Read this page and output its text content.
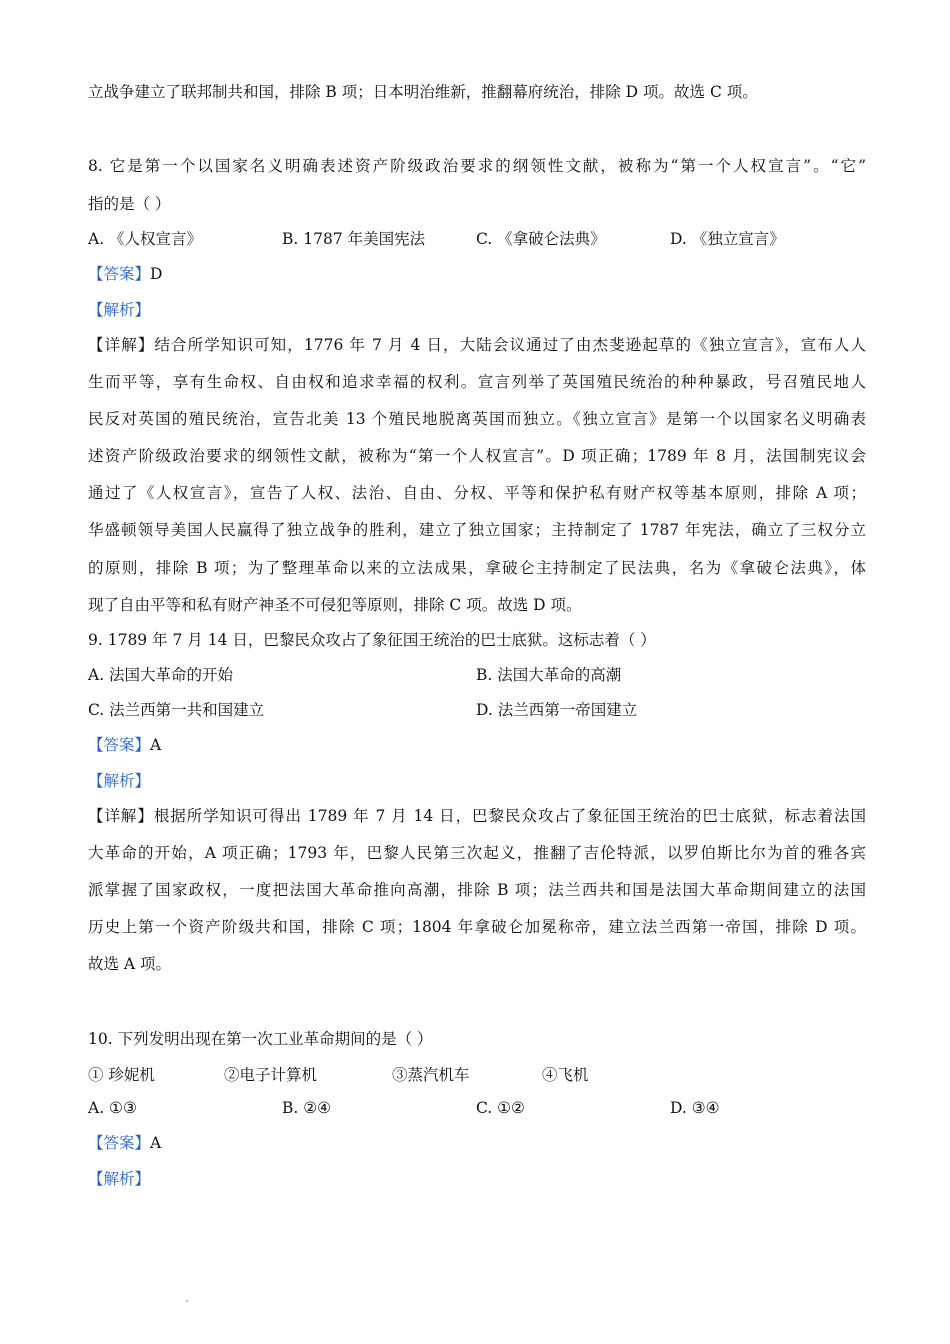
立战争建立了联邦制共和国，排除 B 项；日本明治维新，推翻幕府统治，排除 D 项。故选 C 项。
8. 它是第一个以国家名义明确表述资产阶级政治要求的纲领性文献，被称为“第一个人权宣言”。“它”
指的是（ ）
A. 《人权宣言》	B. 1787 年美国宪法	C. 《拿破仑法典》	D. 《独立宣言》
【答案】D
【解析】
【详解】结合所学知识可知，1776 年 7 月 4 日，大陆会议通过了由杰斐逊起草的《独立宣言》，宣布人人
生而平等，享有生命权、自由权和追求幸福的权利。宣言列举了英国殖民统治的种种暴政，号召殖民地人
民反对英国的殖民统治，宣告北美 13 个殖民地脱离英国而独立。《独立宣言》是第一个以国家名义明确表
述资产阶级政治要求的纲领性文献，被称为“第一个人权宣言”。D 项正确；1789 年 8 月，法国制宪议会
通过了《人权宣言》，宣告了人权、法治、自由、分权、平等和保护私有财产权等基本原则，排除 A 项；
华盛顿领导美国人民赢得了独立战争的胜利，建立了独立国家；主持制定了 1787 年宪法，确立了三权分立
的原则，排除 B 项；为了整理革命以来的立法成果，拿破仑主持制定了民法典，名为《拿破仑法典》，体
现了自由平等和私有财产神圣不可侵犯等原则，排除 C 项。故选 D 项。
9. 1789 年 7 月 14 日，巴黎民众攻占了象征国王统治的巴士底狱。这标志着（ ）
A. 法国大革命的开始	B. 法国大革命的高潮
C. 法兰西第一共和国建立	D. 法兰西第一帝国建立
【答案】A
【解析】
【详解】根据所学知识可得出 1789 年 7 月 14 日，巴黎民众攻占了象征国王统治的巴士底狱，标志着法国
大革命的开始，A 项正确；1793 年，巴黎人民第三次起义，推翻了吉伦特派，以罗伯斯比尔为首的雅各宾
派掌握了国家政权，一度把法国大革命推向高潮，排除 B 项；法兰西共和国是法国大革命期间建立的法国
历史上第一个资产阶级共和国，排除 C 项；1804 年拿破仑加冕称帝，建立法兰西第一帝国，排除 D 项。
故选 A 项。
10. 下列发明出现在第一次工业革命期间的是（ ）
① 珍妮机	②电子计算机	③蒸汽机车	④飞机
A. ①③	B. ②④	C. ①②	D. ③④
【答案】A
【解析】
